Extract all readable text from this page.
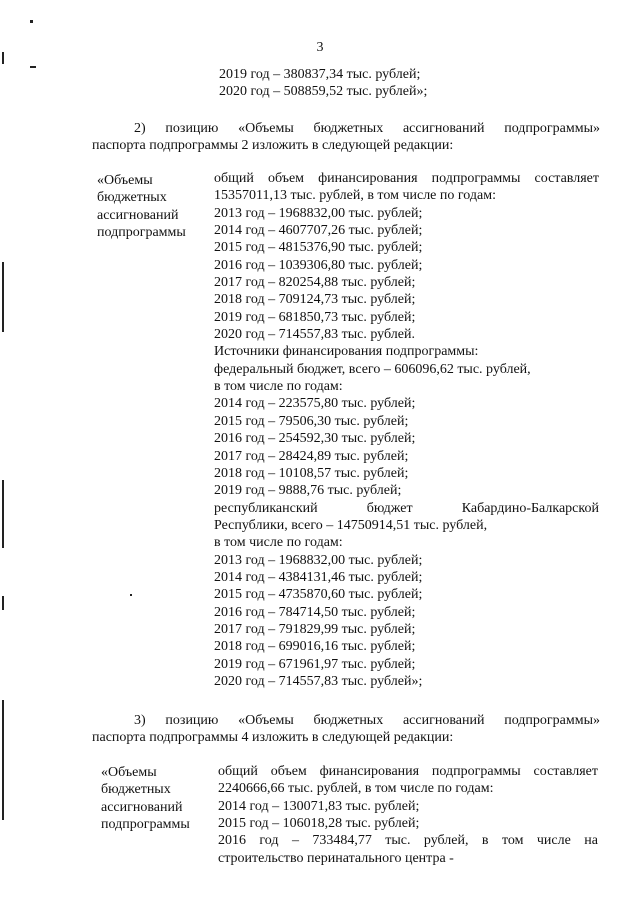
3
2019 год – 380837,34 тыс. рублей;
2020 год – 508859,52 тыс. рублей»;
2) позицию «Объемы бюджетных ассигнований подпрограммы»
паспорта подпрограммы 2 изложить в следующей редакции:
«Объемы
бюджетных
ассигнований
подпрограммы
общий объем финансирования подпрограммы составляет
15357011,13 тыс. рублей, в том числе по годам:
2013 год – 1968832,00 тыс. рублей;
2014 год – 4607707,26 тыс. рублей;
2015 год – 4815376,90 тыс. рублей;
2016 год – 1039306,80 тыс. рублей;
2017 год – 820254,88 тыс. рублей;
2018 год – 709124,73 тыс. рублей;
2019 год – 681850,73 тыс. рублей;
2020 год – 714557,83 тыс. рублей.
Источники финансирования подпрограммы:
федеральный бюджет, всего – 606096,62 тыс. рублей,
в том числе по годам:
2014 год – 223575,80 тыс. рублей;
2015 год – 79506,30 тыс. рублей;
2016 год – 254592,30 тыс. рублей;
2017 год – 28424,89 тыс. рублей;
2018 год – 10108,57 тыс. рублей;
2019 год – 9888,76 тыс. рублей;
республиканский	бюджет	Кабардино-Балкарской
Республики, всего – 14750914,51 тыс. рублей,
в том числе по годам:
2013 год – 1968832,00 тыс. рублей;
2014 год – 4384131,46 тыс. рублей;
2015 год – 4735870,60 тыс. рублей;
2016 год – 784714,50 тыс. рублей;
2017 год – 791829,99 тыс. рублей;
2018 год – 699016,16 тыс. рублей;
2019 год – 671961,97 тыс. рублей;
2020 год – 714557,83 тыс. рублей»;
3) позицию «Объемы бюджетных ассигнований подпрограммы»
паспорта подпрограммы 4 изложить в следующей редакции:
«Объемы
бюджетных
ассигнований
подпрограммы
общий объем финансирования подпрограммы составляет
2240666,66 тыс. рублей, в том числе по годам:
2014 год – 130071,83 тыс. рублей;
2015 год – 106018,28 тыс. рублей;
2016 год – 733484,77 тыс. рублей, в том числе на
строительство перинатального центра -
